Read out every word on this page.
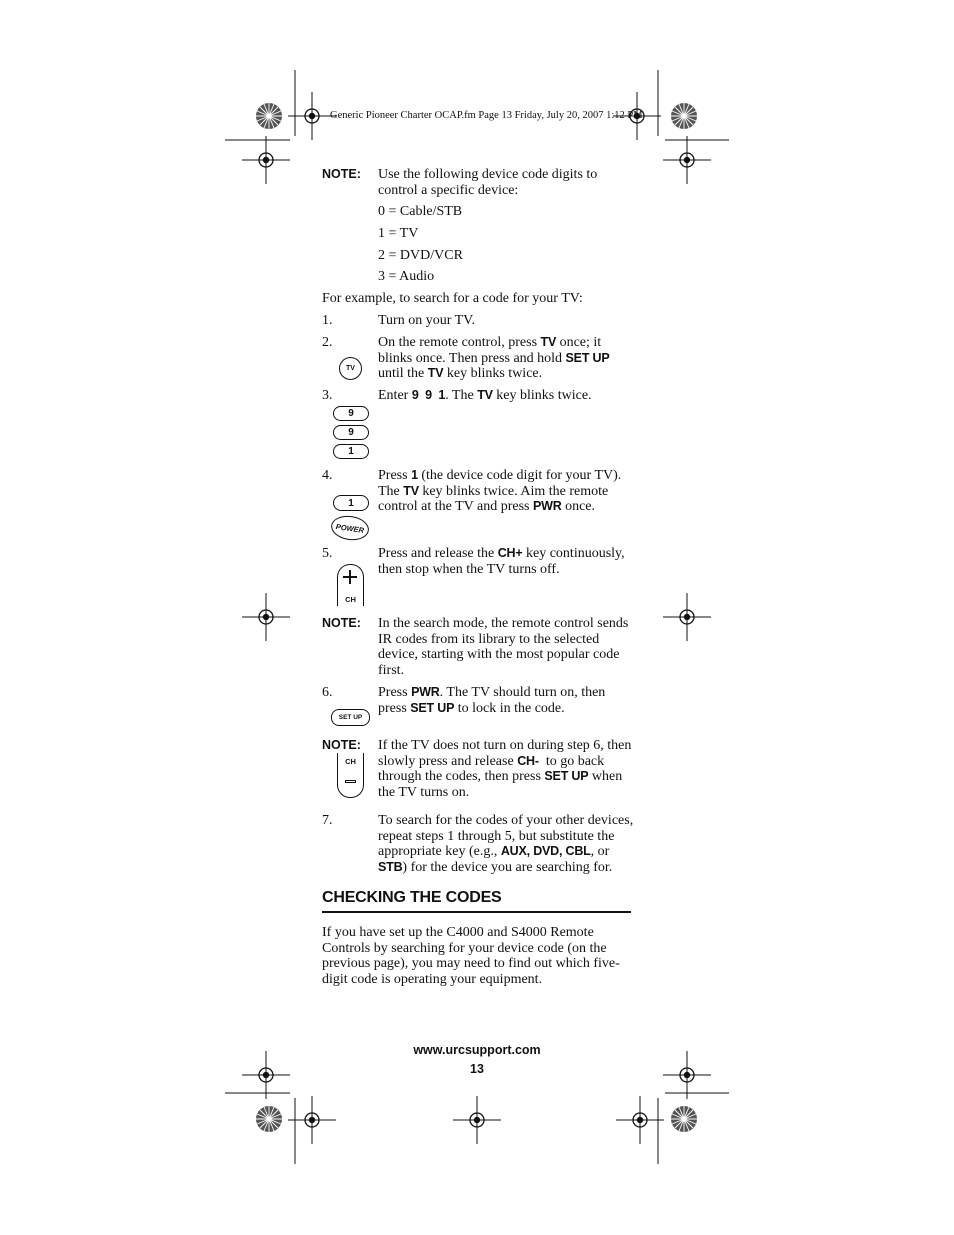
Generic Pioneer Charter OCAP.fm Page 13 Friday, July 20, 2007 1:12 PM
NOTE: Use the following device code digits to control a specific device:
0 = Cable/STB
1 = TV
2 = DVD/VCR
3 = Audio
For example, to search for a code for your TV:
1.	Turn on your TV.
2.	On the remote control, press TV once; it blinks once. Then press and hold SET UP until the TV key blinks twice.
TV
3.	Enter 9  9  1. The TV key blinks twice.
9
9
1
4.	Press 1 (the device code digit for your TV). The TV key blinks twice. Aim the remote control at the TV and press PWR once.
1
POWER
5.	Press and release the CH+ key continuously, then stop when the TV turns off.
CH
NOTE: In the search mode, the remote control sends IR codes from its library to the selected device, starting with the most popular code first.
6.	Press PWR. The TV should turn on, then press SET UP to lock in the code.
SET UP
NOTE: If the TV does not turn on during step 6, then slowly press and release CH-  to go back through the codes, then press SET UP when the TV turns on.
CH
7.	To search for the codes of your other devices, repeat steps 1 through 5, but substitute the appropriate key (e.g., AUX, DVD, CBL, or STB) for the device you are searching for.
CHECKING THE CODES
If you have set up the C4000 and S4000 Remote Controls by searching for your device code (on the previous page), you may need to find out which five-digit code is operating your equipment.
www.urcsupport.com
13
